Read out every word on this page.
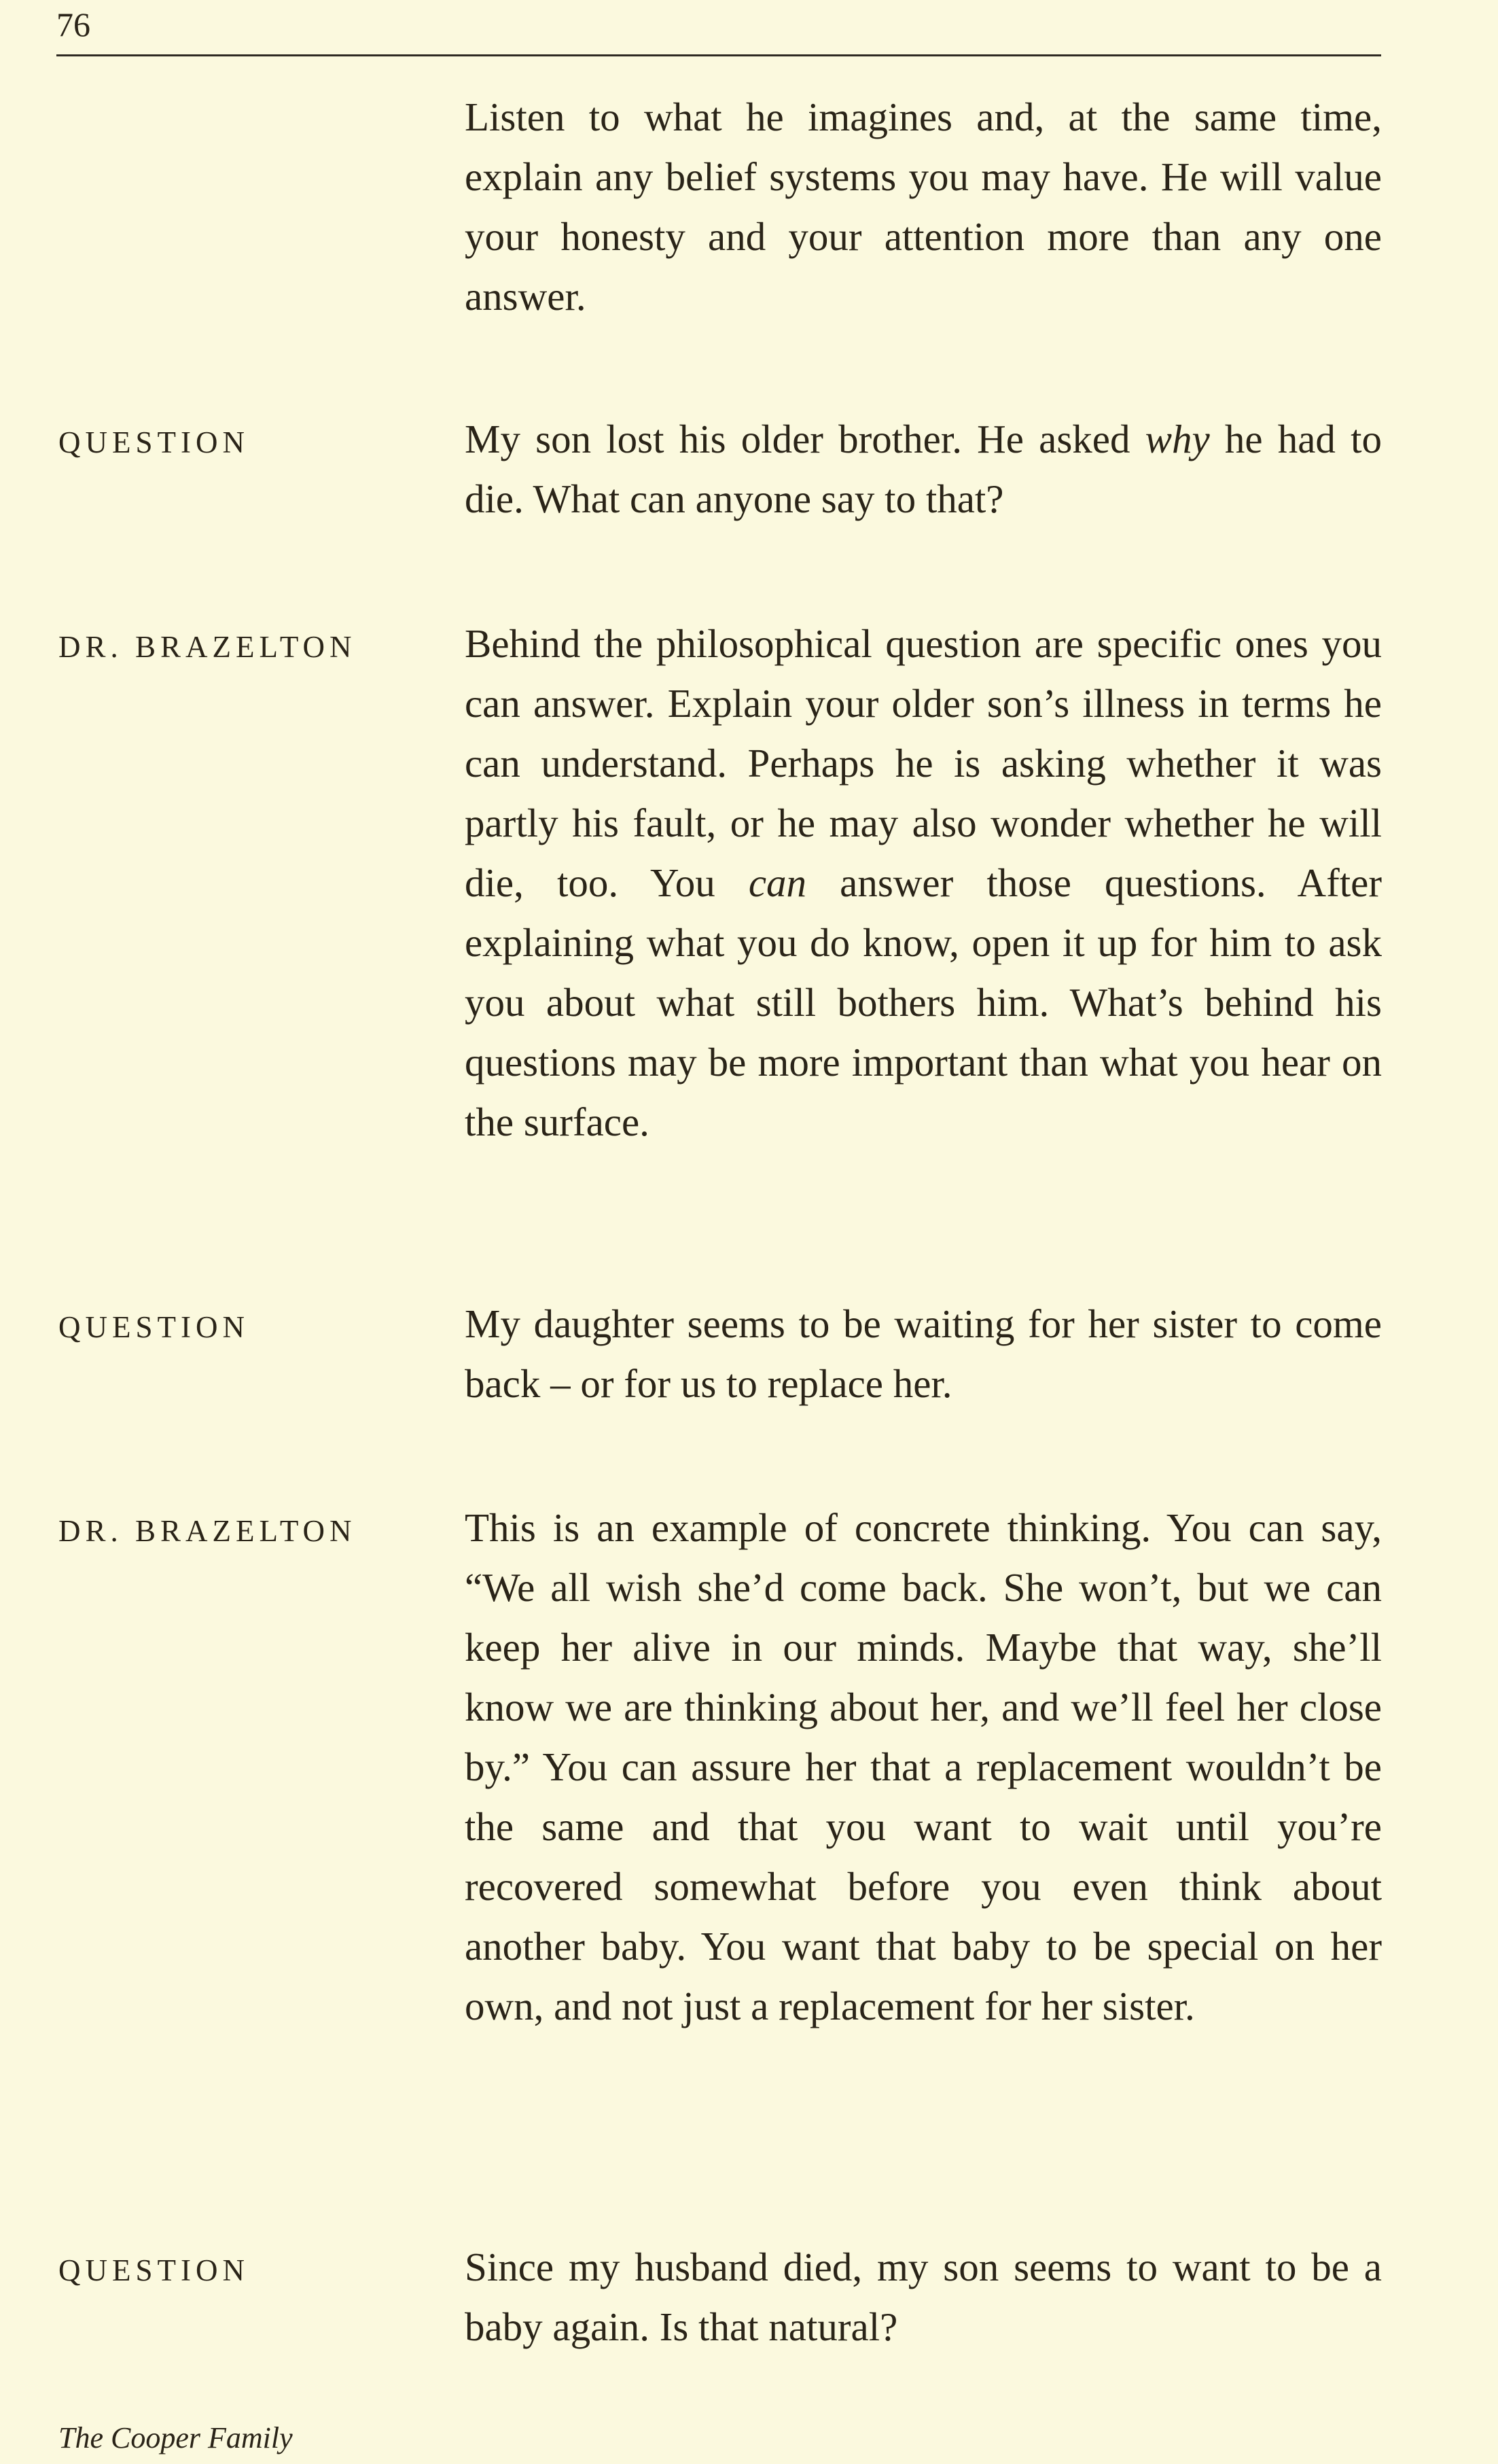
76

Listen to what he imagines and, at the same time, explain any belief systems you may have. He will value your honesty and your attention more than any one answer.

QUESTION	My son lost his older brother. He asked why he had to die. What can anyone say to that?

DR. BRAZELTON	Behind the philosophical question are specific ones you can answer. Explain your older son’s illness in terms he can understand. Perhaps he is asking whether it was partly his fault, or he may also wonder whether he will die, too. You can answer those questions. After explaining what you do know, open it up for him to ask you about what still bothers him. What’s behind his questions may be more important than what you hear on the surface.

QUESTION	My daughter seems to be waiting for her sister to come back – or for us to replace her.

DR. BRAZELTON	This is an example of concrete thinking. You can say, “We all wish she’d come back. She won’t, but we can keep her alive in our minds. Maybe that way, she’ll know we are thinking about her, and we’ll feel her close by.” You can assure her that a replacement wouldn’t be the same and that you want to wait until you’re recovered somewhat before you even think about another baby. You want that baby to be special on her own, and not just a replacement for her sister.

QUESTION	Since my husband died, my son seems to want to be a baby again. Is that natural?

The Cooper Family
